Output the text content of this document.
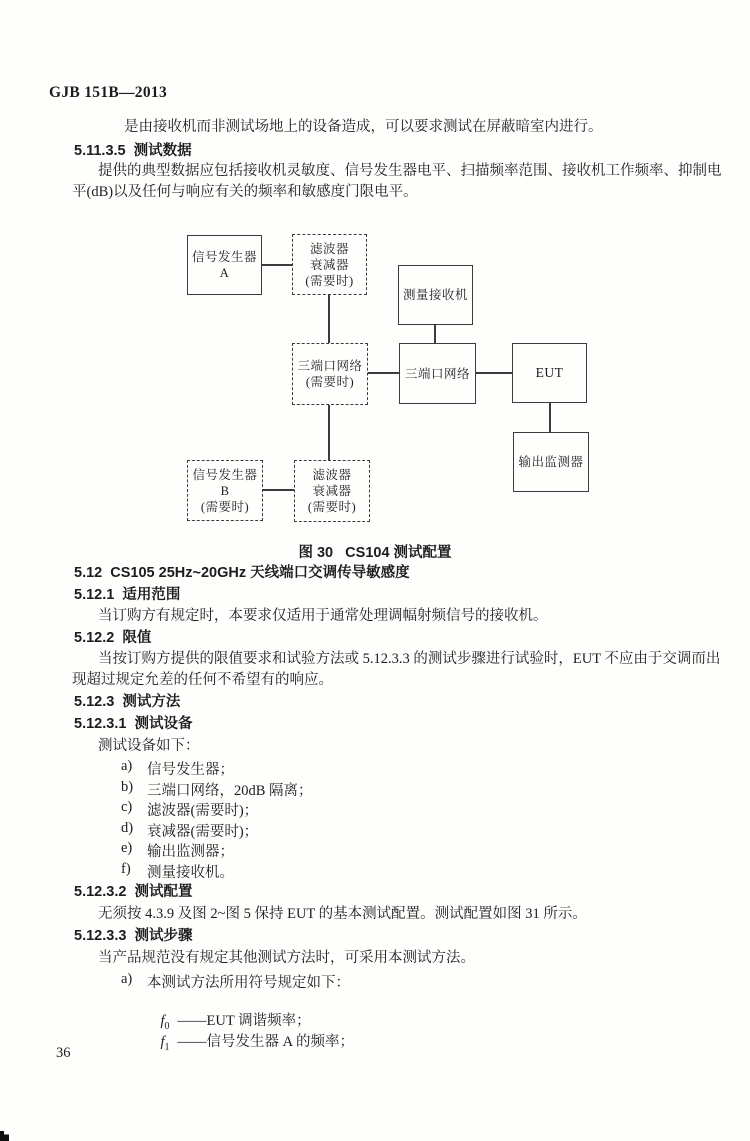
GJB 151B—2013
是由接收机而非测试场地上的设备造成，可以要求测试在屏蔽暗室内进行。
5.11.3.5  测试数据
提供的典型数据应包括接收机灵敏度、信号发生器电平、扫描频率范围、接收机工作频率、抑制电
平(dB)以及任何与响应有关的频率和敏感度门限电平。
信号发生器 A
滤波器
衰减器
(需要时)
测量接收机
三端口网络
(需要时)
三端口网络	EUT
输出监测器
信号发生器 B
(需要时)
滤波器
衰减器
(需要时)
图 30   CS104 测试配置
5.12  CS105 25Hz~20GHz 天线端口交调传导敏感度
5.12.1  适用范围
当订购方有规定时，本要求仅适用于通常处理调幅射频信号的接收机。
5.12.2  限值
当按订购方提供的限值要求和试验方法或 5.12.3.3 的测试步骤进行试验时，EUT 不应由于交调而出
现超过规定允差的任何不希望有的响应。
5.12.3  测试方法
5.12.3.1  测试设备
测试设备如下：
a)	信号发生器；
b) 三端口网络，20dB 隔离；
c)	滤波器(需要时)；
d) 衰减器(需要时)；
e)	输出监测器；
f)	测量接收机。
5.12.3.2  测试配置
无须按 4.3.9 及图 2~图 5 保持 EUT 的基本测试配置。测试配置如图 31 所示。
5.12.3.3  测试步骤
当产品规范没有规定其他测试方法时，可采用本测试方法。
a)	本测试方法所用符号规定如下：

$f_0$ ——EUT 调谐频率；

$f_1$ ——信号发生器 A 的频率；

36
